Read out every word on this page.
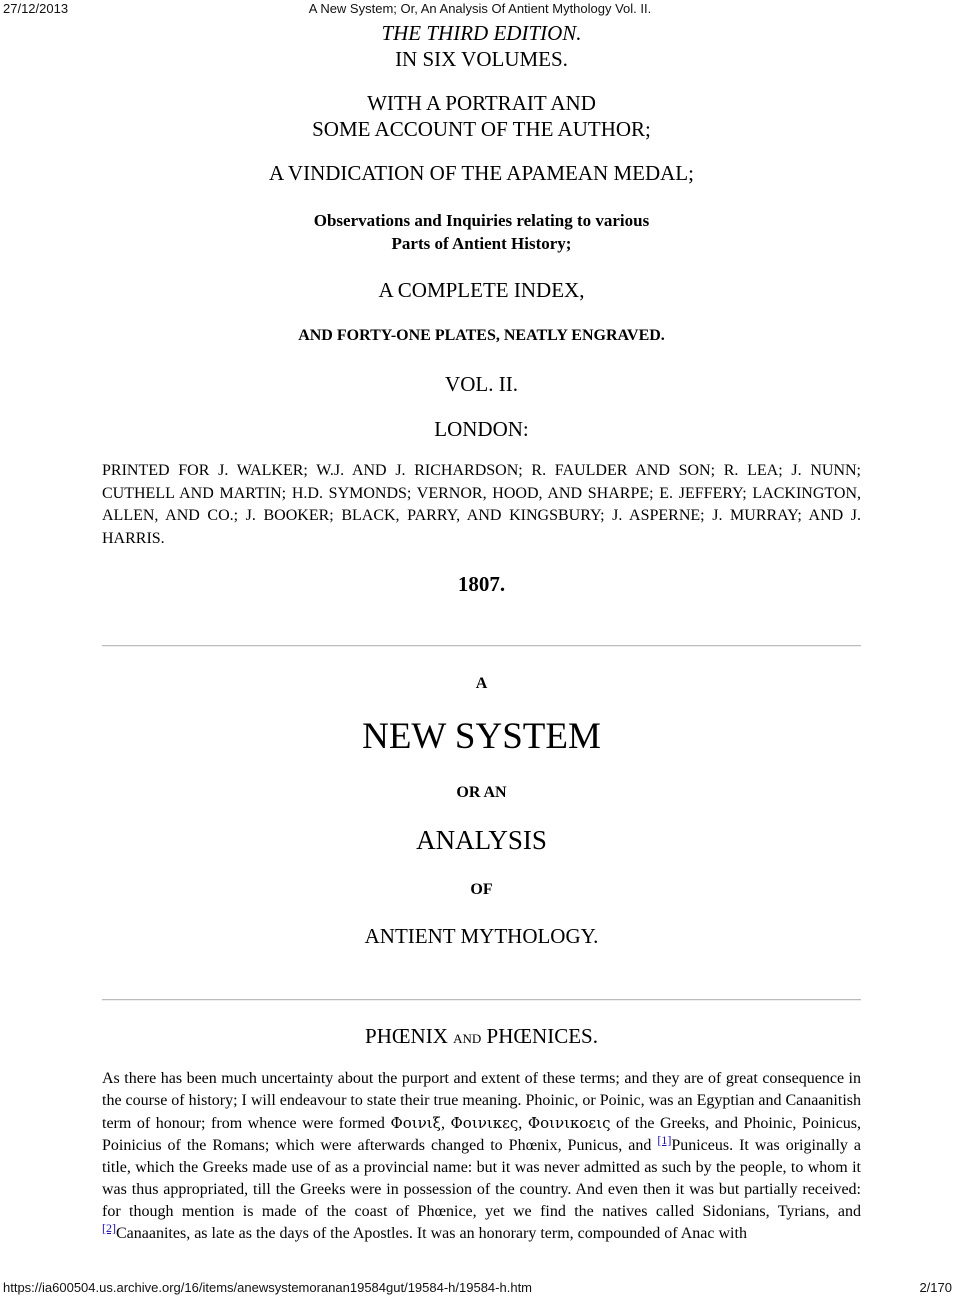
27/12/2013	A New System; Or, An Analysis Of Antient Mythology Vol. II.
THE THIRD EDITION.
IN SIX VOLUMES.
WITH A PORTRAIT AND
SOME ACCOUNT OF THE AUTHOR;
A VINDICATION OF THE APAMEAN MEDAL;
Observations and Inquiries relating to various
Parts of Antient History;
A COMPLETE INDEX,
AND FORTY-ONE PLATES, NEATLY ENGRAVED.
VOL. II.
LONDON:
PRINTED FOR J. WALKER; W.J. AND J. RICHARDSON; R. FAULDER AND SON; R. LEA; J. NUNN; CUTHELL AND MARTIN; H.D. SYMONDS; VERNOR, HOOD, AND SHARPE; E. JEFFERY; LACKINGTON, ALLEN, AND CO.; J. BOOKER; BLACK, PARRY, AND KINGSBURY; J. ASPERNE; J. MURRAY; AND J. HARRIS.
1807.
A
NEW SYSTEM
OR AN
ANALYSIS
OF
ANTIENT MYTHOLOGY.
PHŒNIX AND PHŒNICES.
As there has been much uncertainty about the purport and extent of these terms; and they are of great consequence in the course of history; I will endeavour to state their true meaning. Phoinic, or Poinic, was an Egyptian and Canaanitish term of honour; from whence were formed Φοινιξ, Φοινικες, Φοινικοεις of the Greeks, and Phoinic, Poinicus, Poinicius of the Romans; which were afterwards changed to Phœnix, Punicus, and [1]Puniceus. It was originally a title, which the Greeks made use of as a provincial name: but it was never admitted as such by the people, to whom it was thus appropriated, till the Greeks were in possession of the country. And even then it was but partially received: for though mention is made of the coast of Phœnice, yet we find the natives called Sidonians, Tyrians, and [2]Canaanites, as late as the days of the Apostles. It was an honorary term, compounded of Anac with
https://ia600504.us.archive.org/16/items/anewsystemoranan19584gut/19584-h/19584-h.htm	2/170
